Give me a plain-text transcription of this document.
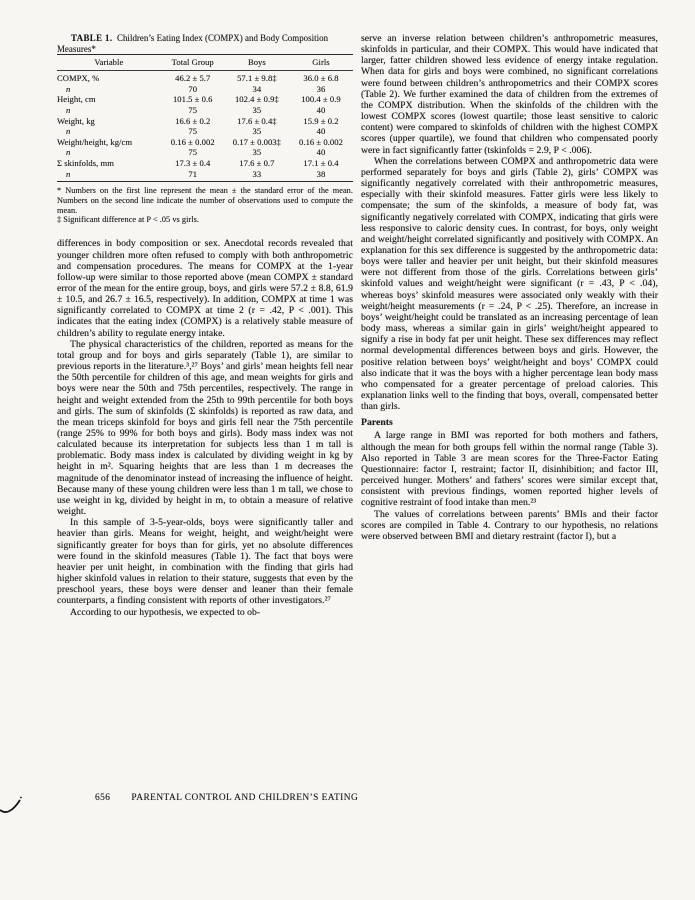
TABLE 1.  Children’s Eating Index (COMPX) and Body Composition Measures*

Variable	Total Group	Boys	Girls
COMPX, %	46.2 ± 5.7	57.1 ± 9.8‡	36.0 ± 6.8
n	70	34	36
Height, cm	101.5 ± 0.6	102.4 ± 0.9‡	100.4 ± 0.9
n	75	35	40
Weight, kg	16.6 ± 0.2	17.6 ± 0.4‡	15.9 ± 0.2
n	75	35	40
Weight/height, kg/cm	0.16 ± 0.002	0.17 ± 0.003‡	0.16 ± 0.002
n	75	35	40
Σ skinfolds, mm	17.3 ± 0.4	17.6 ± 0.7	17.1 ± 0.4
n	71	33	38

* Numbers on the first line represent the mean ± the standard error of the mean. Numbers on the second line indicate the number of observations used to compute the mean.

‡ Significant difference at P < .05 vs girls.

differences in body composition or sex. Anecdotal records revealed that younger children more often refused to comply with both anthropometric and compensation procedures. The means for COMPX at the 1-year follow-up were similar to those reported above (mean COMPX ± standard error of the mean for the entire group, boys, and girls were 57.2 ± 8.8, 61.9 ± 10.5, and 26.7 ± 16.5, respectively). In addition, COMPX at time 1 was significantly correlated to COMPX at time 2 (r = .42, P < .001). This indicates that the eating index (COMPX) is a relatively stable measure of children’s ability to regulate energy intake.

The physical characteristics of the children, reported as means for the total group and for boys and girls separately (Table 1), are similar to previous reports in the literature.³,²⁷ Boys’ and girls’ mean heights fell near the 50th percentile for children of this age, and mean weights for girls and boys were near the 50th and 75th percentiles, respectively. The range in height and weight extended from the 25th to 99th percentile for both boys and girls. The sum of skinfolds (Σ skinfolds) is reported as raw data, and the mean triceps skinfold for boys and girls fell near the 75th percentile (range 25% to 99% for both boys and girls). Body mass index was not calculated because its interpretation for subjects less than 1 m tall is problematic. Body mass index is calculated by dividing weight in kg by height in m². Squaring heights that are less than 1 m decreases the magnitude of the denominator instead of increasing the influence of height. Because many of these young children were less than 1 m tall, we chose to use weight in kg, divided by height in m, to obtain a measure of relative weight.

In this sample of 3-5-year-olds, boys were significantly taller and heavier than girls. Means for weight, height, and weight/height were significantly greater for boys than for girls, yet no absolute differences were found in the skinfold measures (Table 1). The fact that boys were heavier per unit height, in combination with the finding that girls had higher skinfold values in relation to their stature, suggests that even by the preschool years, these boys were denser and leaner than their female counterparts, a finding consistent with reports of other investigators.²⁷

According to our hypothesis, we expected to ob-

serve an inverse relation between children’s anthropometric measures, skinfolds in particular, and their COMPX. This would have indicated that larger, fatter children showed less evidence of energy intake regulation. When data for girls and boys were combined, no significant correlations were found between children’s anthropometrics and their COMPX scores (Table 2). We further examined the data of children from the extremes of the COMPX distribution. When the skinfolds of the children with the lowest COMPX scores (lowest quartile; those least sensitive to caloric content) were compared to skinfolds of children with the highest COMPX scores (upper quartile), we found that children who compensated poorly were in fact significantly fatter (tskinfolds = 2.9, P < .006).

When the correlations between COMPX and anthropometric data were performed separately for boys and girls (Table 2), girls’ COMPX was significantly negatively correlated with their anthropometric measures, especially with their skinfold measures. Fatter girls were less likely to compensate; the sum of the skinfolds, a measure of body fat, was significantly negatively correlated with COMPX, indicating that girls were less responsive to caloric density cues. In contrast, for boys, only weight and weight/height correlated significantly and positively with COMPX. An explanation for this sex difference is suggested by the anthropometric data: boys were taller and heavier per unit height, but their skinfold measures were not different from those of the girls. Correlations between girls’ skinfold values and weight/height were significant (r = .43, P < .04), whereas boys’ skinfold measures were associated only weakly with their weight/height measurements (r = .24, P < .25). Therefore, an increase in boys’ weight/height could be translated as an increasing percentage of lean body mass, whereas a similar gain in girls’ weight/height appeared to signify a rise in body fat per unit height. These sex differences may reflect normal developmental differences between boys and girls. However, the positive relation between boys’ weight/height and boys’ COMPX could also indicate that it was the boys with a higher percentage lean body mass who compensated for a greater percentage of preload calories. This explanation links well to the finding that boys, overall, compensated better than girls.

Parents

A large range in BMI was reported for both mothers and fathers, although the mean for both groups fell within the normal range (Table 3). Also reported in Table 3 are mean scores for the Three-Factor Eating Questionnaire: factor I, restraint; factor II, disinhibition; and factor III, perceived hunger. Mothers’ and fathers’ scores were similar except that, consistent with previous findings, women reported higher levels of cognitive restraint of food intake than men.²³

The values of correlations between parents’ BMIs and their factor scores are compiled in Table 4. Contrary to our hypothesis, no relations were observed between BMI and dietary restraint (factor I), but a

656 PARENTAL CONTROL AND CHILDREN’S EATING
